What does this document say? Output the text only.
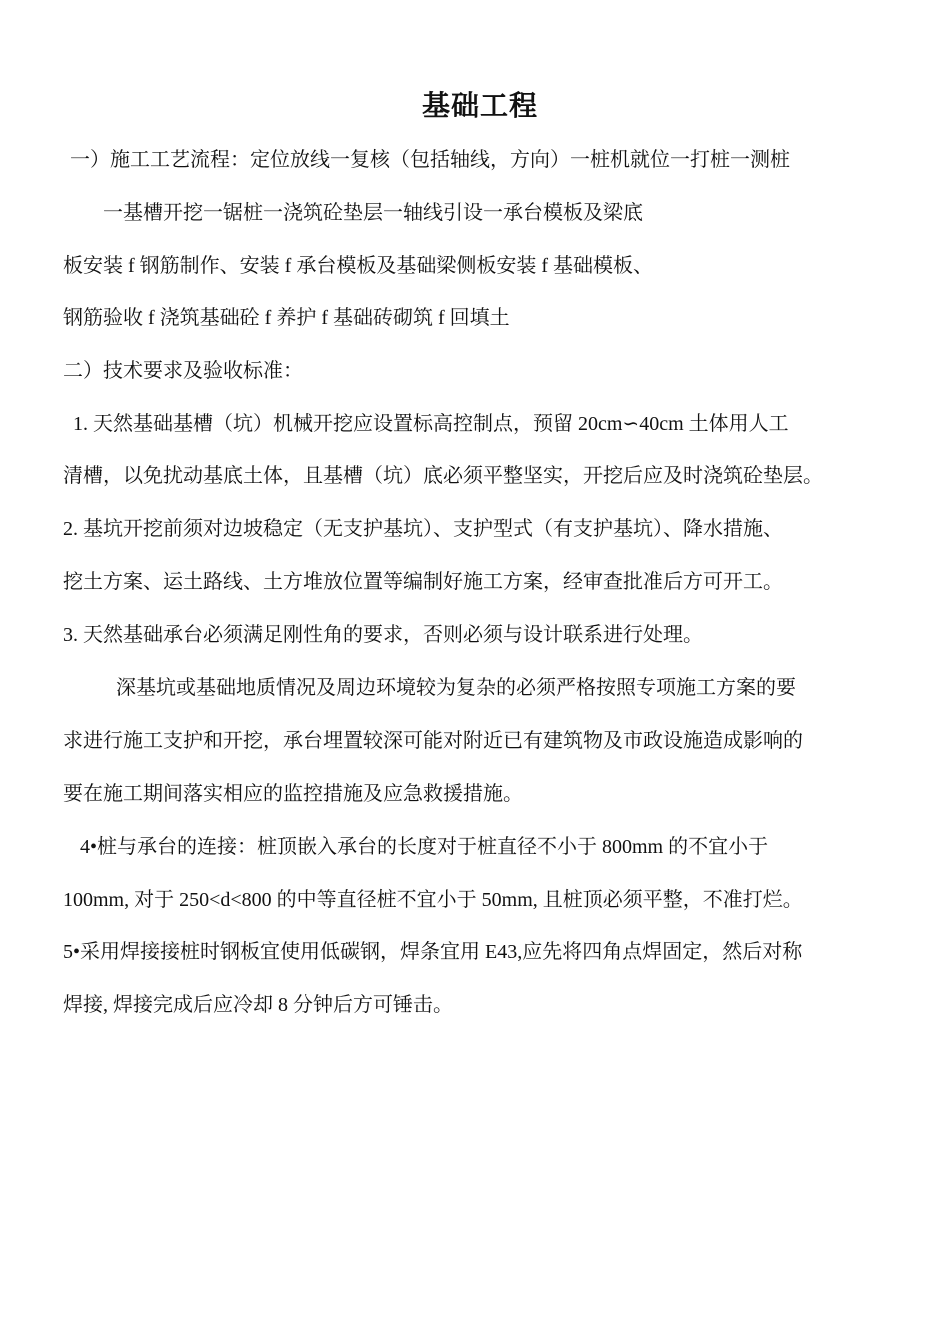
基础工程
一）施工工艺流程：定位放线一复核（包括轴线，方向）一桩机就位一打桩一测桩
一基槽开挖一锯桩一浇筑砼垫层一轴线引设一承台模板及梁底
板安装 f 钢筋制作、安装 f 承台模板及基础梁侧板安装 f 基础模板、
钢筋验收 f 浇筑基础砼 f 养护 f 基础砖砌筑 f 回填土
二）技术要求及验收标准：
1. 天然基础基槽（坑）机械开挖应设置标高控制点，预留 20cm∽40cm 土体用人工
清槽，以免扰动基底土体，且基槽（坑）底必须平整坚实，开挖后应及时浇筑砼垫层。
2. 基坑开挖前须对边坡稳定（无支护基坑）、支护型式（有支护基坑）、降水措施、
挖土方案、运土路线、土方堆放位置等编制好施工方案，经审查批准后方可开工。
3. 天然基础承台必须满足刚性角的要求，否则必须与设计联系进行处理。
深基坑或基础地质情况及周边环境较为复杂的必须严格按照专项施工方案的要
求进行施工支护和开挖，承台埋置较深可能对附近已有建筑物及市政设施造成影响的
要在施工期间落实相应的监控措施及应急救援措施。
4•桩与承台的连接：桩顶嵌入承台的长度对于桩直径不小于 800mm 的不宜小于
100mm, 对于 250<d<800 的中等直径桩不宜小于 50mm, 且桩顶必须平整，不准打烂。
5•采用焊接接桩时钢板宜使用低碳钢，焊条宜用 E43,应先将四角点焊固定，然后对称
焊接, 焊接完成后应冷却 8 分钟后方可锤击。
